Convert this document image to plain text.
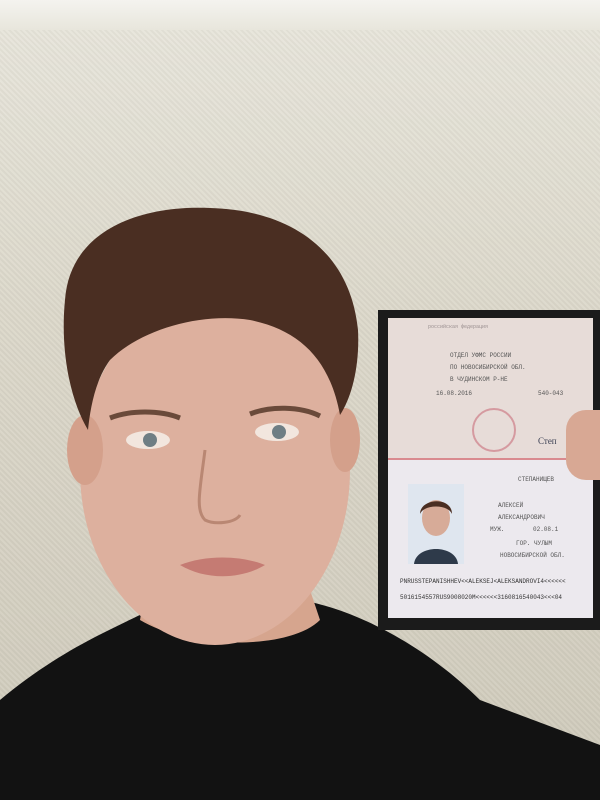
российская федерация
ОТДЕЛ УФМС РОССИИ
ПО НОВОСИБИРСКОЙ ОБЛ.
В ЧУДИНСКОМ Р-НЕ
16.08.2016	540-043
Степ
СТЕПАНИЩЕВ
АЛЕКСЕЙ
АЛЕКСАНДРОВИЧ
МУЖ.	02.08.1
ГОР. ЧУЛЫМ
НОВОСИБИРСКОЙ ОБЛ.
PNRUSSTEPANISHHEV<<ALEKSEJ<ALEKSANDROVI4<<<<<<
5016154557RUS9008020M<<<<<<3160816540043<<<04
